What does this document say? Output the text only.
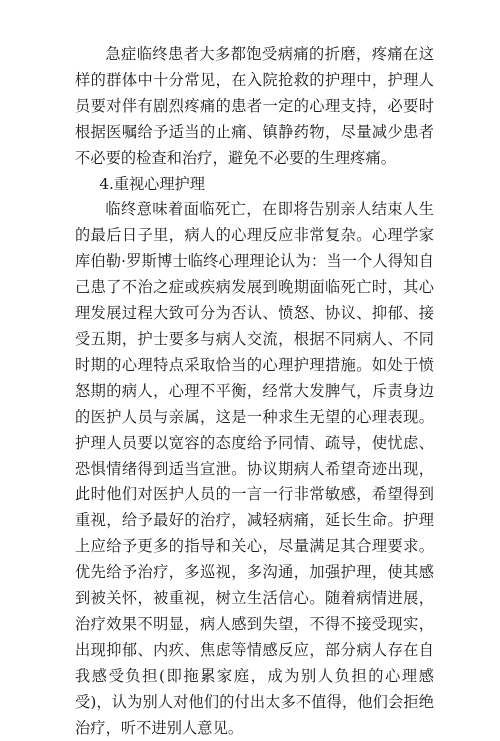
急症临终患者大多都饱受病痛的折磨，疼痛在这样的群体中十分常见，在入院抢救的护理中，护理人员要对伴有剧烈疼痛的患者一定的心理支持，必要时根据医嘱给予适当的止痛、镇静药物，尽量减少患者不必要的检查和治疗，避免不必要的生理疼痛。

4.重视心理护理

临终意味着面临死亡，在即将告别亲人结束人生的最后日子里，病人的心理反应非常复杂。心理学家库伯勒·罗斯博士临终心理理论认为：当一个人得知自己患了不治之症或疾病发展到晚期面临死亡时，其心理发展过程大致可分为否认、愤怒、协议、抑郁、接受五期，护士要多与病人交流，根据不同病人、不同时期的心理特点采取恰当的心理护理措施。如处于愤怒期的病人，心理不平衡，经常大发脾气，斥责身边的医护人员与亲属，这是一种求生无望的心理表现。护理人员要以宽容的态度给予同情、疏导，使忧虑、恐惧情绪得到适当宣泄。协议期病人希望奇迹出现，此时他们对医护人员的一言一行非常敏感，希望得到重视，给予最好的治疗，减轻病痛，延长生命。护理上应给予更多的指导和关心，尽量满足其合理要求。优先给予治疗，多巡视，多沟通，加强护理，使其感到被关怀，被重视，树立生活信心。随着病情进展，治疗效果不明显，病人感到失望，不得不接受现实，出现抑郁、内疚、焦虑等情感反应，部分病人存在自我感受负担(即拖累家庭，成为别人负担的心理感受)，认为别人对他们的付出太多不值得，他们会拒绝治疗，听不进别人意见。
